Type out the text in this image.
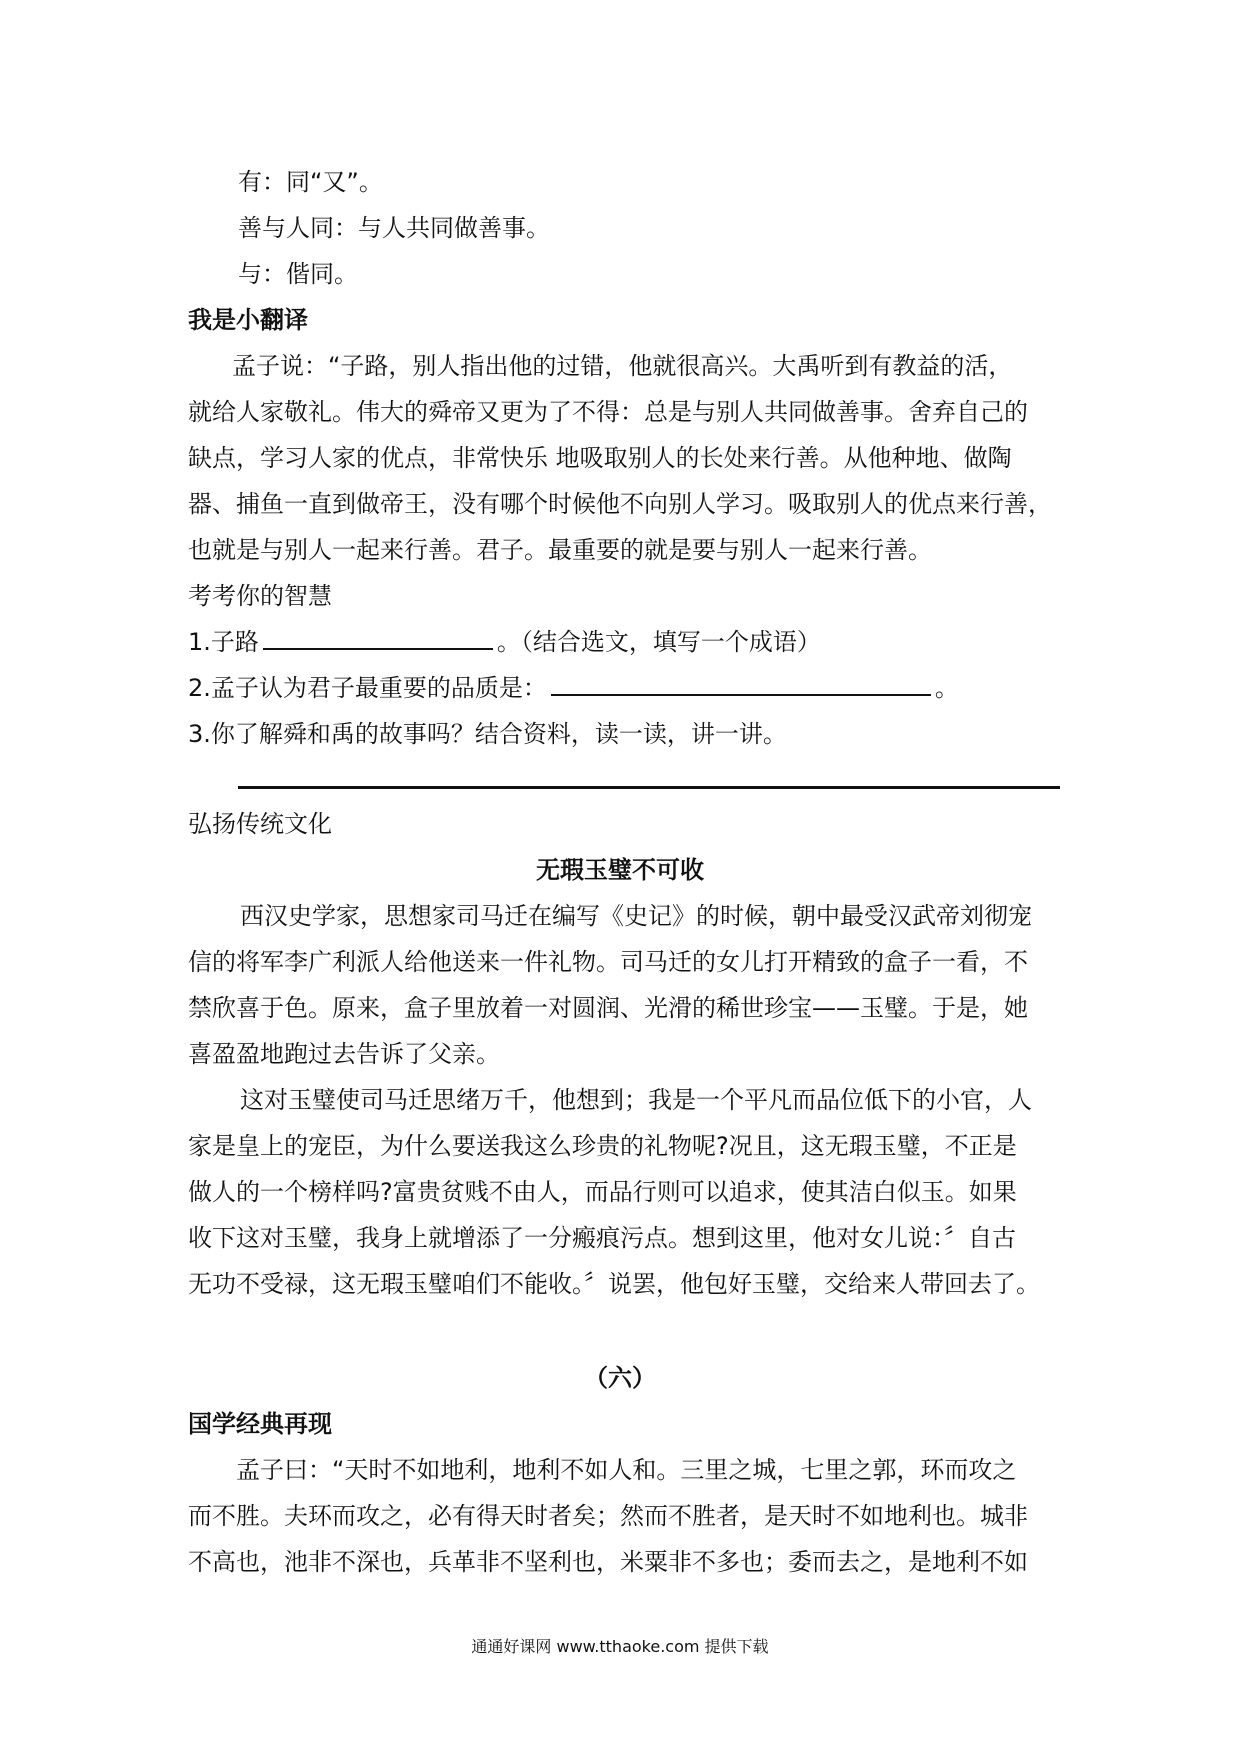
有：同“又”。
善与人同：与人共同做善事。
与：偕同。
我是小翻译
孟子说：“子路，别人指出他的过错，他就很高兴。大禹听到有教益的活，
就给人家敬礼。伟大的舜帝又更为了不得：总是与别人共同做善事。舍弃自己的
缺点，学习人家的优点，非常快乐 地吸取别人的长处来行善。从他种地、做陶
器、捕鱼一直到做帝王，没有哪个时候他不向别人学习。吸取别人的优点来行善，
也就是与别人一起来行善。君子。最重要的就是要与别人一起来行善。
考考你的智慧
1.子路	。（结合选文，填写一个成语）
2.孟子认为君子最重要的品质是：	。
3.你了解舜和禹的故事吗？结合资料，读一读，讲一讲。
弘扬传统文化
无瑕玉璧不可收
西汉史学家，思想家司马迁在编写《史记》的时候，朝中最受汉武帝刘彻宠
信的将军李广利派人给他送来一件礼物。司马迁的女儿打开精致的盒子一看，不
禁欣喜于色。原来，盒子里放着一对圆润、光滑的稀世珍宝——玉璧。于是，她
喜盈盈地跑过去告诉了父亲。
这对玉璧使司马迁思绪万千，他想到；我是一个平凡而品位低下的小官，人
家是皇上的宠臣，为什么要送我这么珍贵的礼物呢?况且，这无瑕玉璧，不正是
做人的一个榜样吗?富贵贫贱不由人，而品行则可以追求，使其洁白似玉。如果
收下这对玉璧，我身上就增添了一分瘢痕污点。想到这里，他对女儿说：〞自古
无功不受禄，这无瑕玉璧咱们不能收。〞说罢，他包好玉璧，交给来人带回去了。
（六）
国学经典再现
孟子曰：“天时不如地利，地利不如人和。三里之城，七里之郭，环而攻之
而不胜。夫环而攻之，必有得天时者矣；然而不胜者，是天时不如地利也。城非
不高也，池非不深也，兵革非不坚利也，米粟非不多也；委而去之，是地利不如
通通好课网 www.tthaoke.com 提供下载
